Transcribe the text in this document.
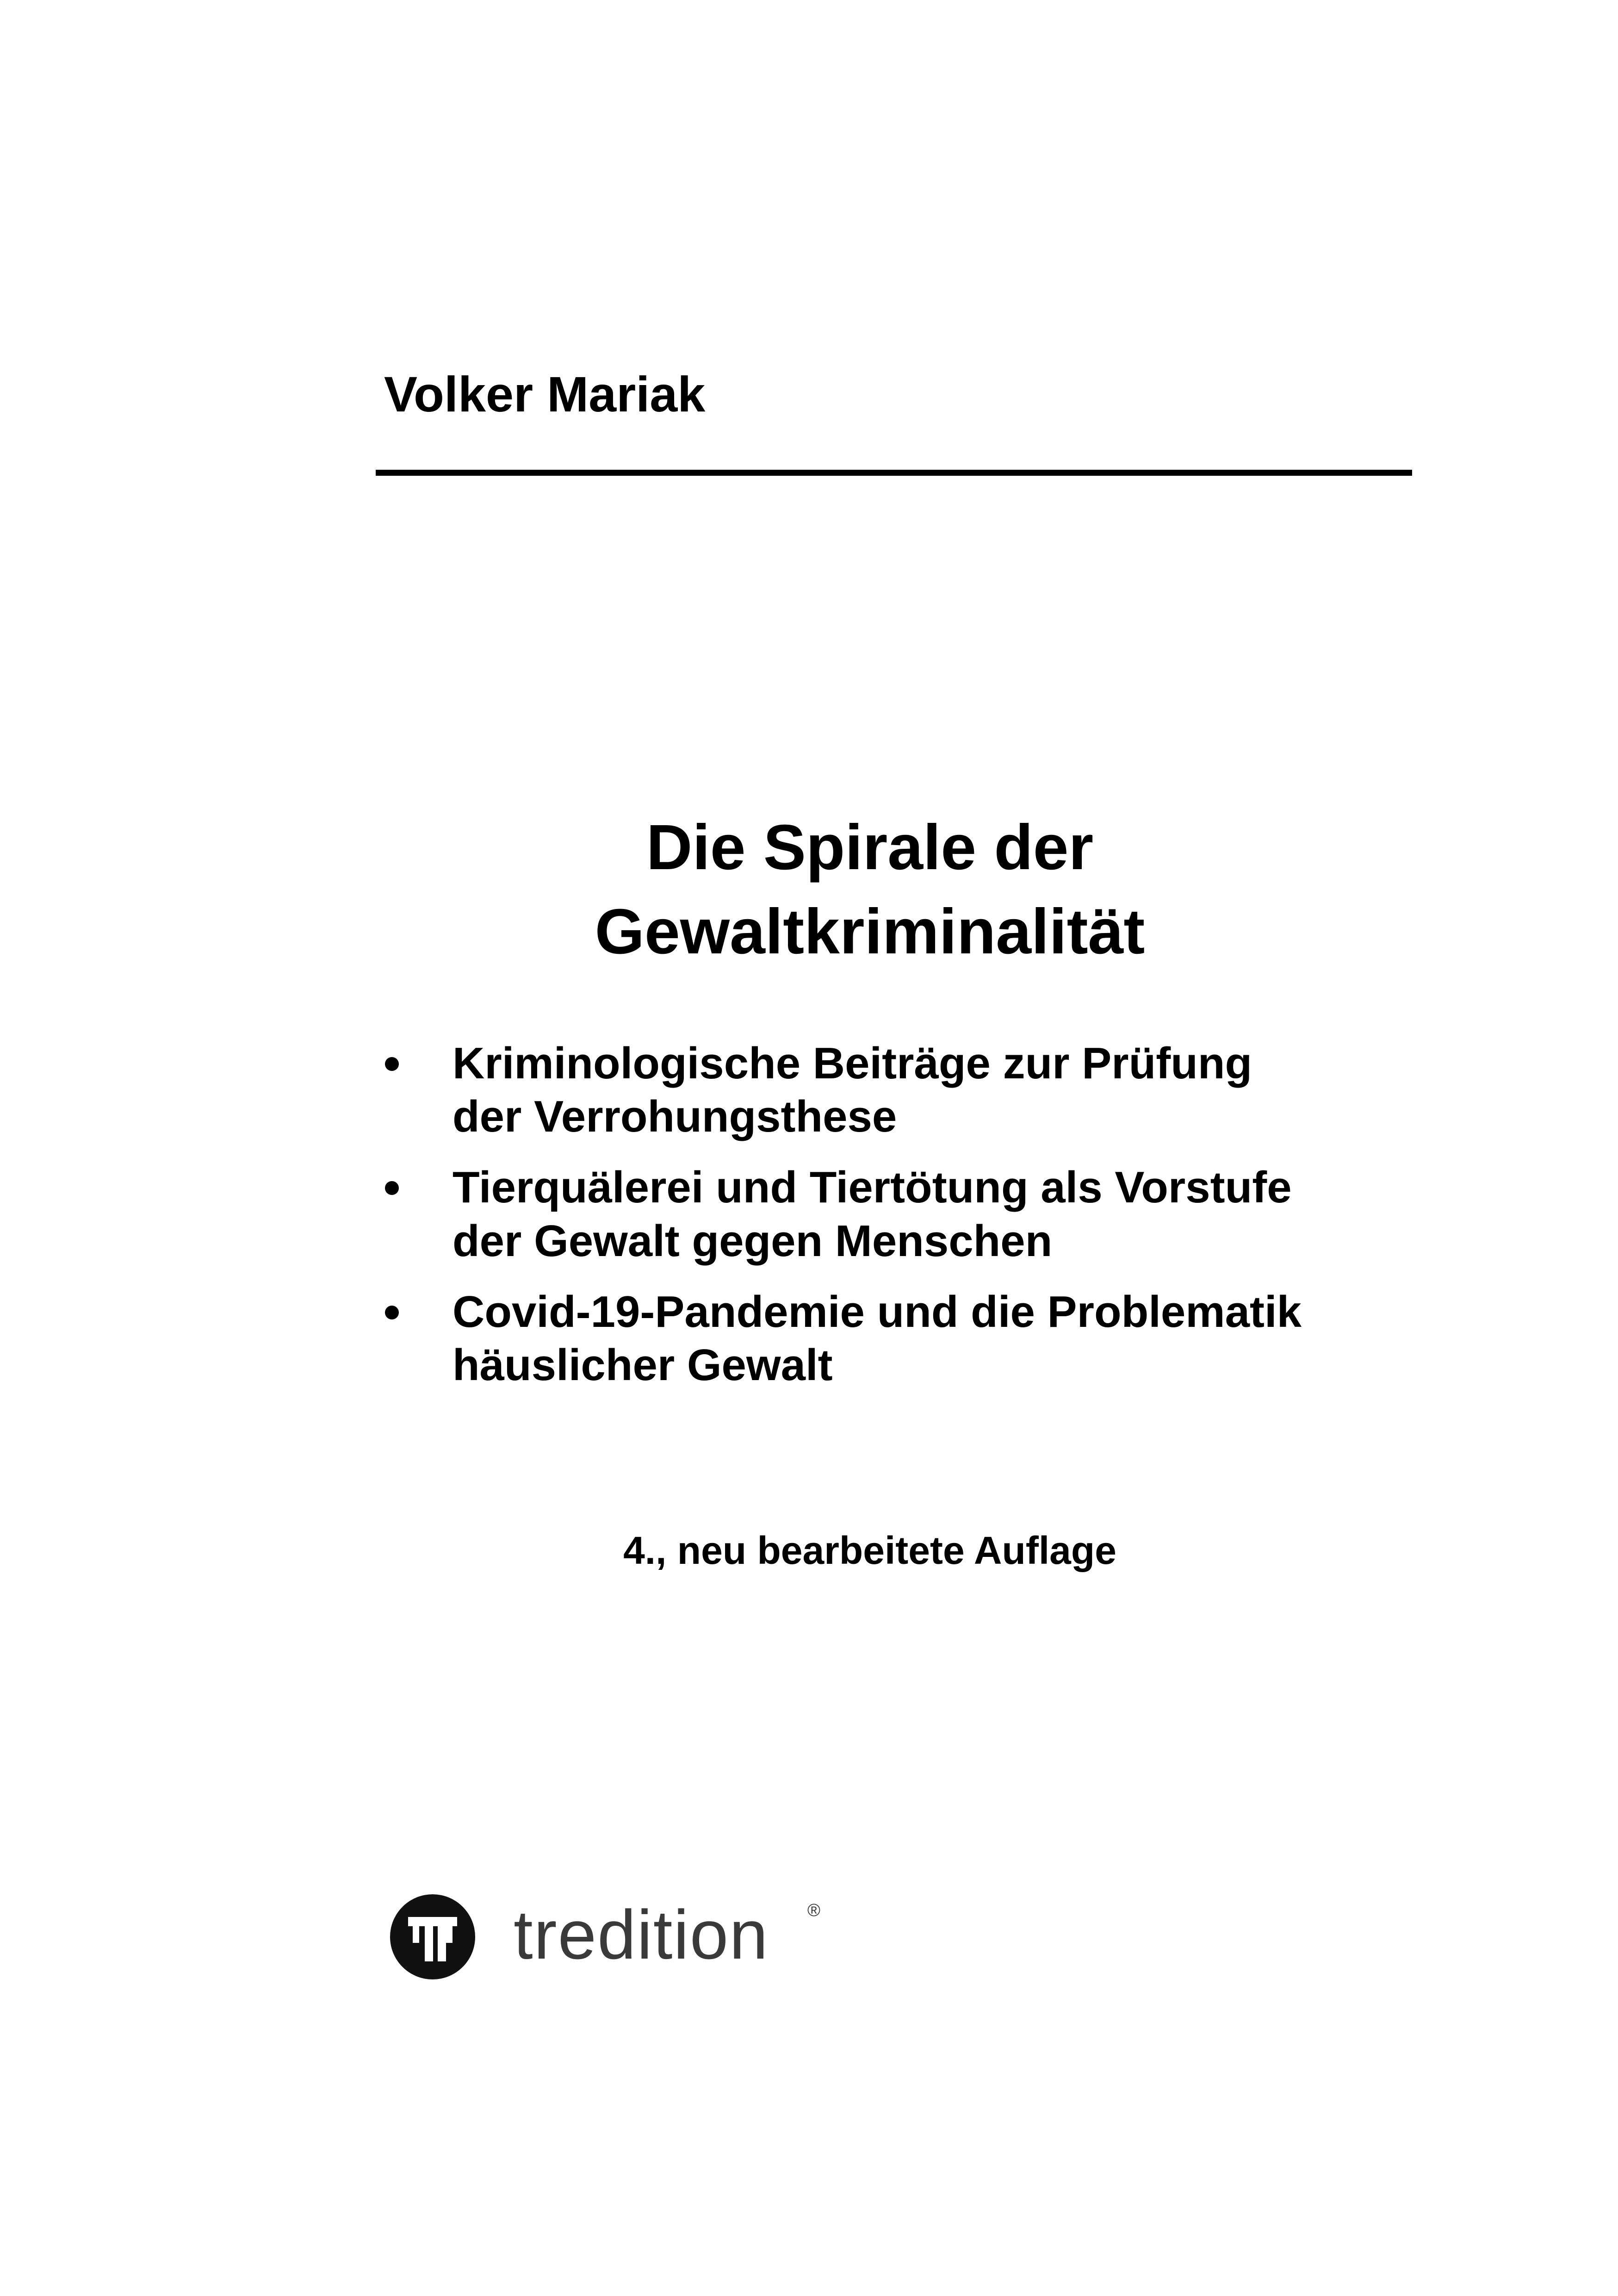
Volker Mariak
Die Spirale der
Gewaltkriminalität
Kriminologische Beiträge zur Prüfung
der Verrohungsthese
Tierquälerei und Tiertötung als Vorstufe
der Gewalt gegen Menschen
Covid-19-Pandemie und die Problematik
häuslicher Gewalt
4., neu bearbeitete Auflage
tredition ®
